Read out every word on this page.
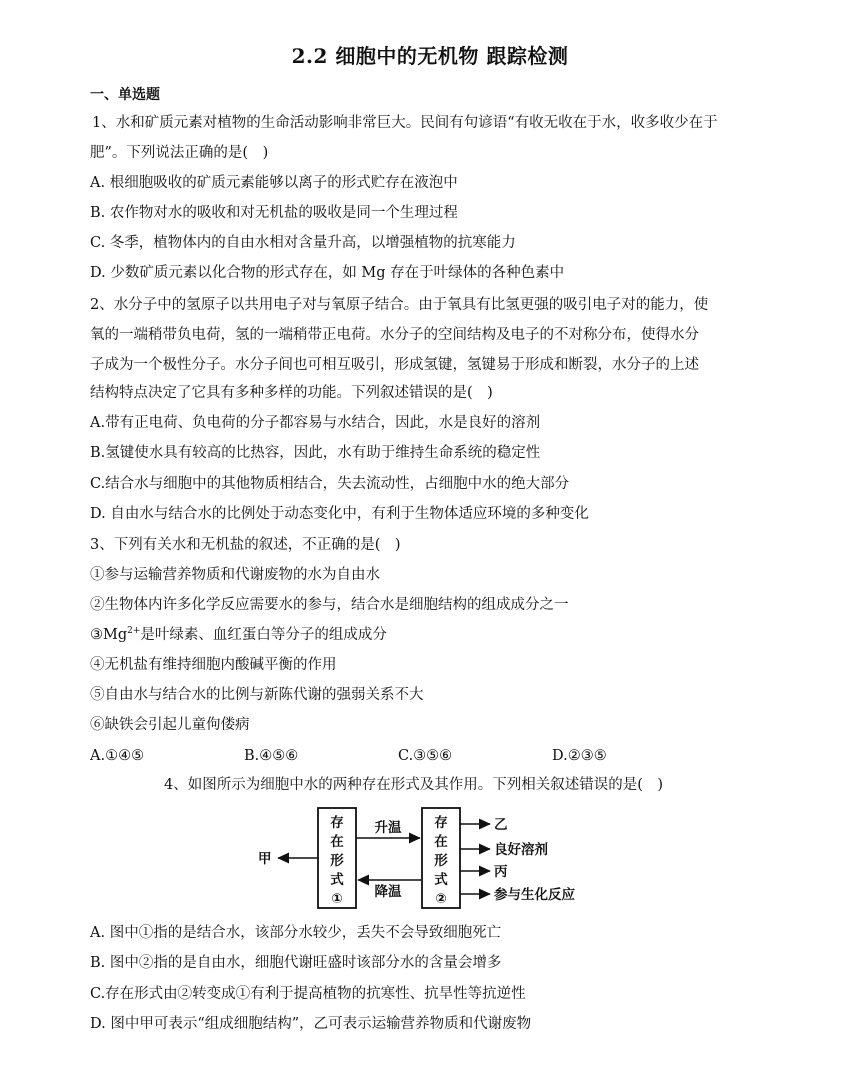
2.2 细胞中的无机物 跟踪检测
一、单选题
1、水和矿质元素对植物的生命活动影响非常巨大。民间有句谚语“有收无收在于水，收多收少在于
肥”。下列说法正确的是(　)
A. 根细胞吸收的矿质元素能够以离子的形式贮存在液泡中
B. 农作物对水的吸收和对无机盐的吸收是同一个生理过程
C. 冬季，植物体内的自由水相对含量升高，以增强植物的抗寒能力
D. 少数矿质元素以化合物的形式存在，如 Mg 存在于叶绿体的各种色素中
2、水分子中的氢原子以共用电子对与氧原子结合。由于氧具有比氢更强的吸引电子对的能力，使
氧的一端稍带负电荷，氢的一端稍带正电荷。水分子的空间结构及电子的不对称分布，使得水分
子成为一个极性分子。水分子间也可相互吸引，形成氢键，氢键易于形成和断裂，水分子的上述
结构特点决定了它具有多种多样的功能。下列叙述错误的是(　)
A.带有正电荷、负电荷的分子都容易与水结合，因此，水是良好的溶剂
B.氢键使水具有较高的比热容，因此，水有助于维持生命系统的稳定性
C.结合水与细胞中的其他物质相结合，失去流动性，占细胞中水的绝大部分
D. 自由水与结合水的比例处于动态变化中，有利于生物体适应环境的多种变化
3、下列有关水和无机盐的叙述，不正确的是(　)
①参与运输营养物质和代谢废物的水为自由水
②生物体内许多化学反应需要水的参与，结合水是细胞结构的组成成分之一
$③Mg^{2+}$是叶绿素、血红蛋白等分子的组成成分
④无机盐有维持细胞内酸碱平衡的作用
⑤自由水与结合水的比例与新陈代谢的强弱关系不大
⑥缺铁会引起儿童佝偻病
A.①④⑤	B.④⑤⑥	C.③⑤⑥	D.②③⑤
4、如图所示为细胞中水的两种存在形式及其作用。下列相关叙述错误的是(　)
存
在
形
式
①
存
在
形
式
②
升温
降温
甲
乙
良好溶剂
丙
参与生化反应
A. 图中①指的是结合水，该部分水较少，丢失不会导致细胞死亡
B. 图中②指的是自由水，细胞代谢旺盛时该部分水的含量会增多
C.存在形式由②转变成①有利于提高植物的抗寒性、抗旱性等抗逆性
D. 图中甲可表示“组成细胞结构”，乙可表示运输营养物质和代谢废物
